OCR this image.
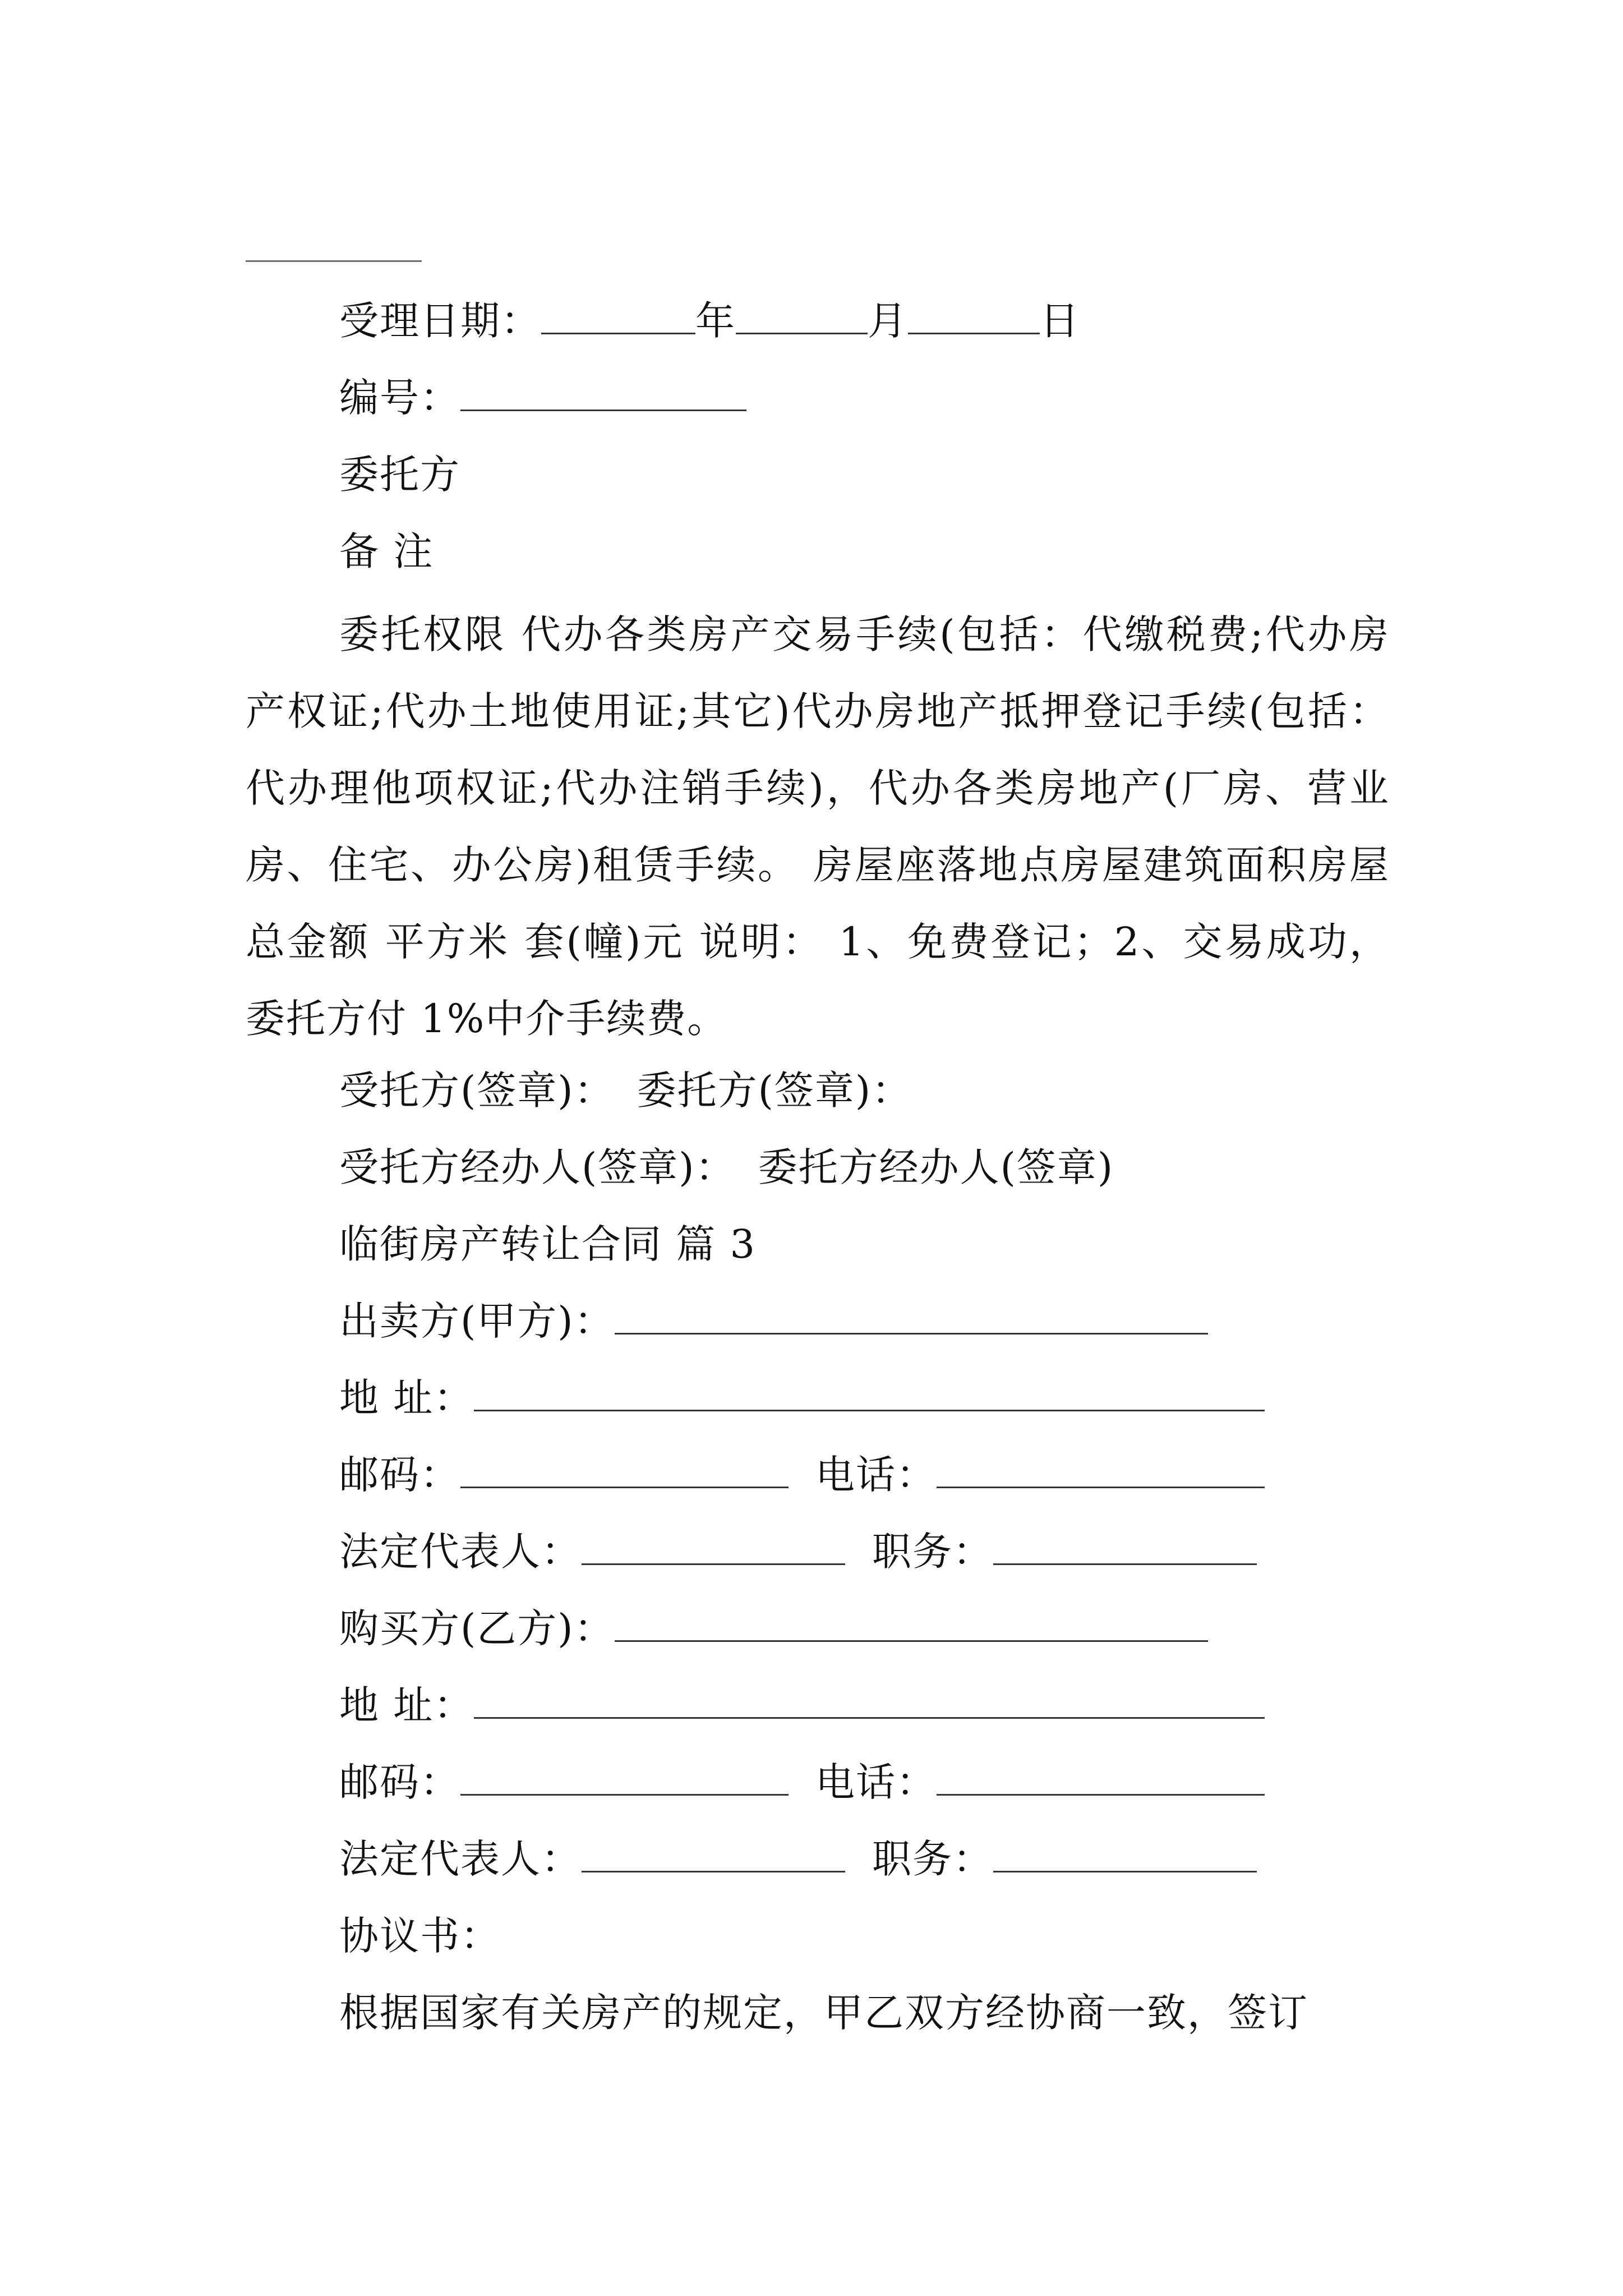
受理日期：	年	月	日
编号：
委托方
备 注
委托权限 代办各类房产交易手续(包括：代缴税费;代办房产权证;代办土地使用证;其它)代办房地产抵押登记手续(包括：代办理他项权证;代办注销手续)，代办各类房地产(厂房、营业房、住宅、办公房)租赁手续。 房屋座落地点房屋建筑面积房屋总金额 平方米 套(幢)元 说明： 1、免费登记；2、交易成功，委托方付 1%中介手续费。
受托方(签章)： 委托方(签章)：
受托方经办人(签章)： 委托方经办人(签章)
临街房产转让合同 篇 3
出卖方(甲方)：
地 址：
邮码：	电话：
法定代表人：	职务：
购买方(乙方)：
地 址：
邮码：	电话：
法定代表人：	职务：
协议书：
根据国家有关房产的规定，甲乙双方经协商一致，签订
